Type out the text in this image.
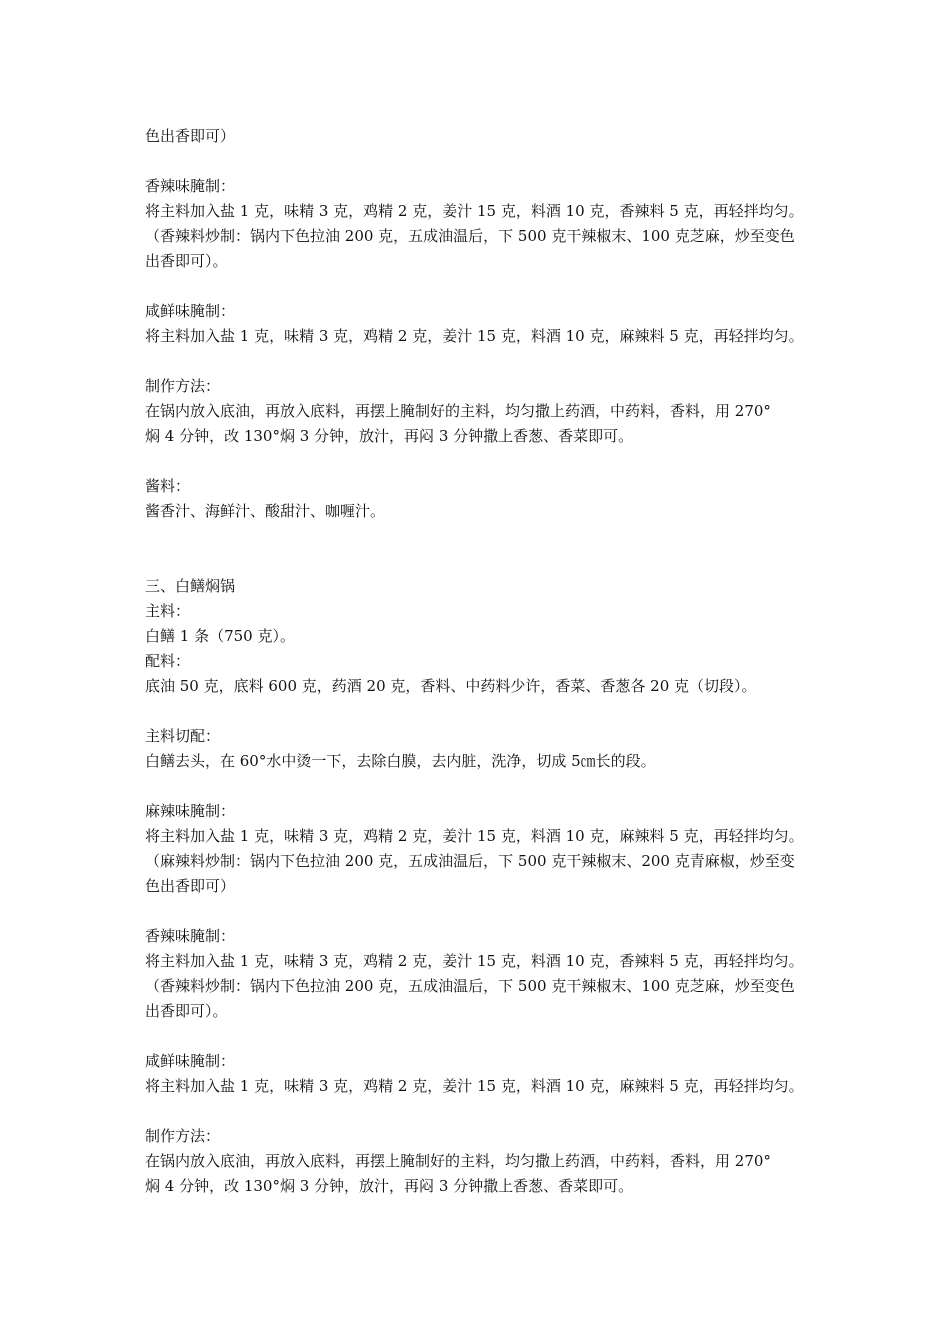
色出香即可）
香辣味腌制：
将主料加入盐 1 克，味精 3 克，鸡精 2 克，姜汁 15 克，料酒 10 克，香辣料 5 克，再轻拌均匀。
（香辣料炒制：锅内下色拉油 200 克，五成油温后，下 500 克干辣椒末、100 克芝麻，炒至变色
出香即可）。
咸鲜味腌制：
将主料加入盐 1 克，味精 3 克，鸡精 2 克，姜汁 15 克，料酒 10 克，麻辣料 5 克，再轻拌均匀。
制作方法：
在锅内放入底油，再放入底料，再摆上腌制好的主料，均匀撒上药酒，中药料，香料，用 270°
焖 4 分钟，改 130°焖 3 分钟，放汁，再闷 3 分钟撒上香葱、香菜即可。
酱料：
酱香汁、海鲜汁、酸甜汁、咖喱汁。
三、白鳝焖锅
主料：
白鳝 1 条（750 克）。
配料：
底油 50 克，底料 600 克，药酒 20 克，香料、中药料少许，香菜、香葱各 20 克（切段）。
主料切配：
白鳝去头，在 60°水中烫一下，去除白膜，去内脏，洗净，切成 5㎝长的段。
麻辣味腌制：
将主料加入盐 1 克，味精 3 克，鸡精 2 克，姜汁 15 克，料酒 10 克，麻辣料 5 克，再轻拌均匀。
（麻辣料炒制：锅内下色拉油 200 克，五成油温后，下 500 克干辣椒末、200 克青麻椒，炒至变
色出香即可）
香辣味腌制：
将主料加入盐 1 克，味精 3 克，鸡精 2 克，姜汁 15 克，料酒 10 克，香辣料 5 克，再轻拌均匀。
（香辣料炒制：锅内下色拉油 200 克，五成油温后，下 500 克干辣椒末、100 克芝麻，炒至变色
出香即可）。
咸鲜味腌制：
将主料加入盐 1 克，味精 3 克，鸡精 2 克，姜汁 15 克，料酒 10 克，麻辣料 5 克，再轻拌均匀。
制作方法：
在锅内放入底油，再放入底料，再摆上腌制好的主料，均匀撒上药酒，中药料，香料，用 270°
焖 4 分钟，改 130°焖 3 分钟，放汁，再闷 3 分钟撒上香葱、香菜即可。
